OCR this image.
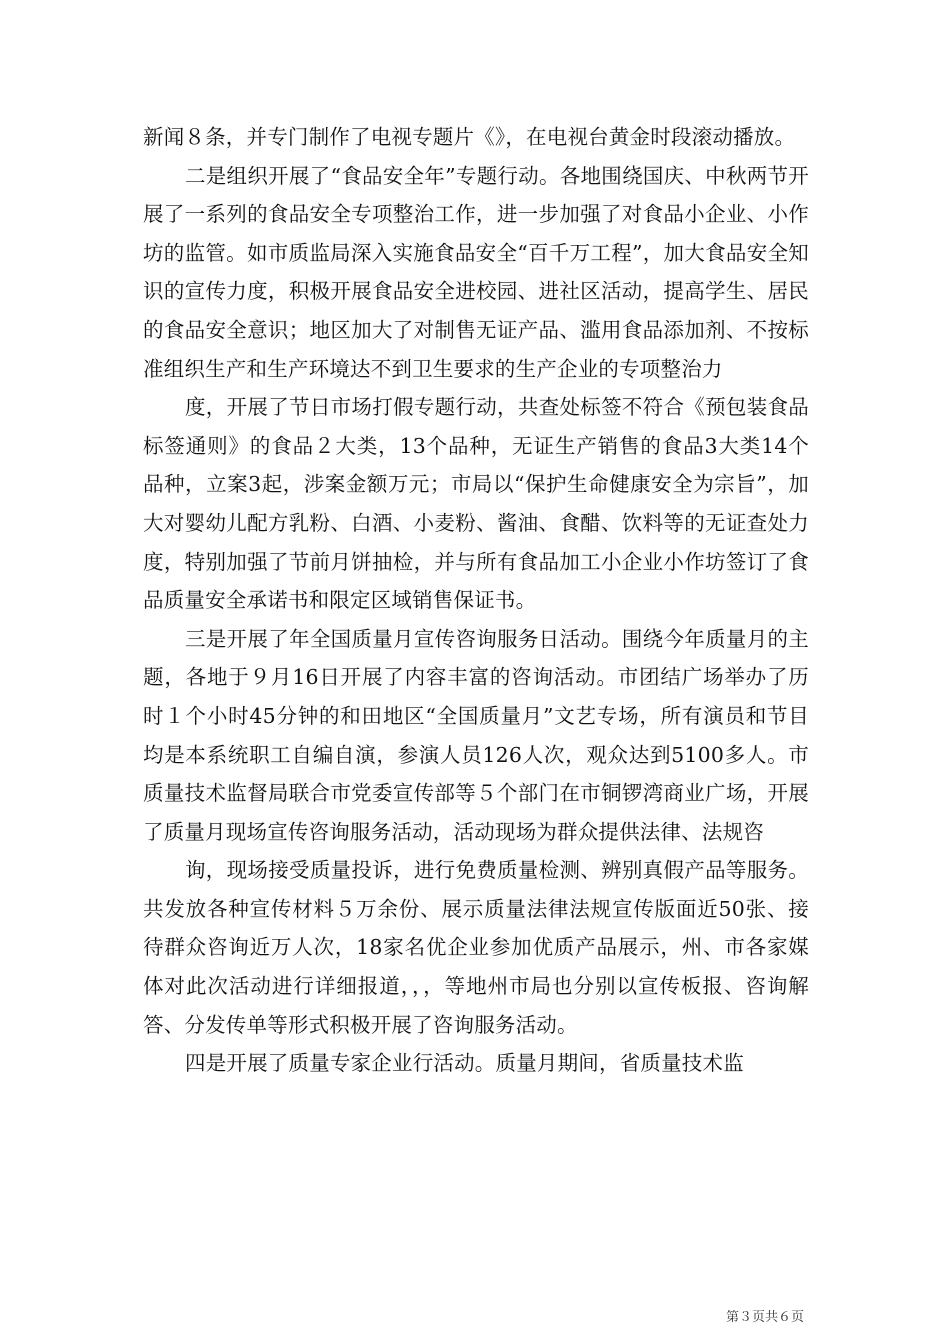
新闻８条，并专门制作了电视专题片《》，在电视台黄金时段滚动播放。

二是组织开展了“食品安全年”专题行动。各地围绕国庆、中秋两节开展了一系列的食品安全专项整治工作，进一步加强了对食品小企业、小作坊的监管。如市质监局深入实施食品安全“百千万工程”，加大食品安全知识的宣传力度，积极开展食品安全进校园、进社区活动，提高学生、居民的食品安全意识；地区加大了对制售无证产品、滥用食品添加剂、不按标准组织生产和生产环境达不到卫生要求的生产企业的专项整治力

度，开展了节日市场打假专题行动，共查处标签不符合《预包装食品标签通则》的食品２大类，13个品种，无证生产销售的食品3大类14个品种，立案3起，涉案金额万元；市局以“保护生命健康安全为宗旨”，加大对婴幼儿配方乳粉、白酒、小麦粉、酱油、食醋、饮料等的无证查处力度，特别加强了节前月饼抽检，并与所有食品加工小企业小作坊签订了食品质量安全承诺书和限定区域销售保证书。

三是开展了年全国质量月宣传咨询服务日活动。围绕今年质量月的主题，各地于９月16日开展了内容丰富的咨询活动。市团结广场举办了历时１个小时45分钟的和田地区“全国质量月”文艺专场，所有演员和节目均是本系统职工自编自演，参演人员126人次，观众达到5100多人。市质量技术监督局联合市党委宣传部等５个部门在市铜锣湾商业广场，开展了质量月现场宣传咨询服务活动，活动现场为群众提供法律、法规咨

询，现场接受质量投诉，进行免费质量检测、辨别真假产品等服务。共发放各种宣传材料５万余份、展示质量法律法规宣传版面近50张、接待群众咨询近万人次，18家名优企业参加优质产品展示，州、市各家媒体对此次活动进行详细报道，，，等地州市局也分别以宣传板报、咨询解答、分发传单等形式积极开展了咨询服务活动。

四是开展了质量专家企业行活动。质量月期间，省质量技术监

第３页共６页
